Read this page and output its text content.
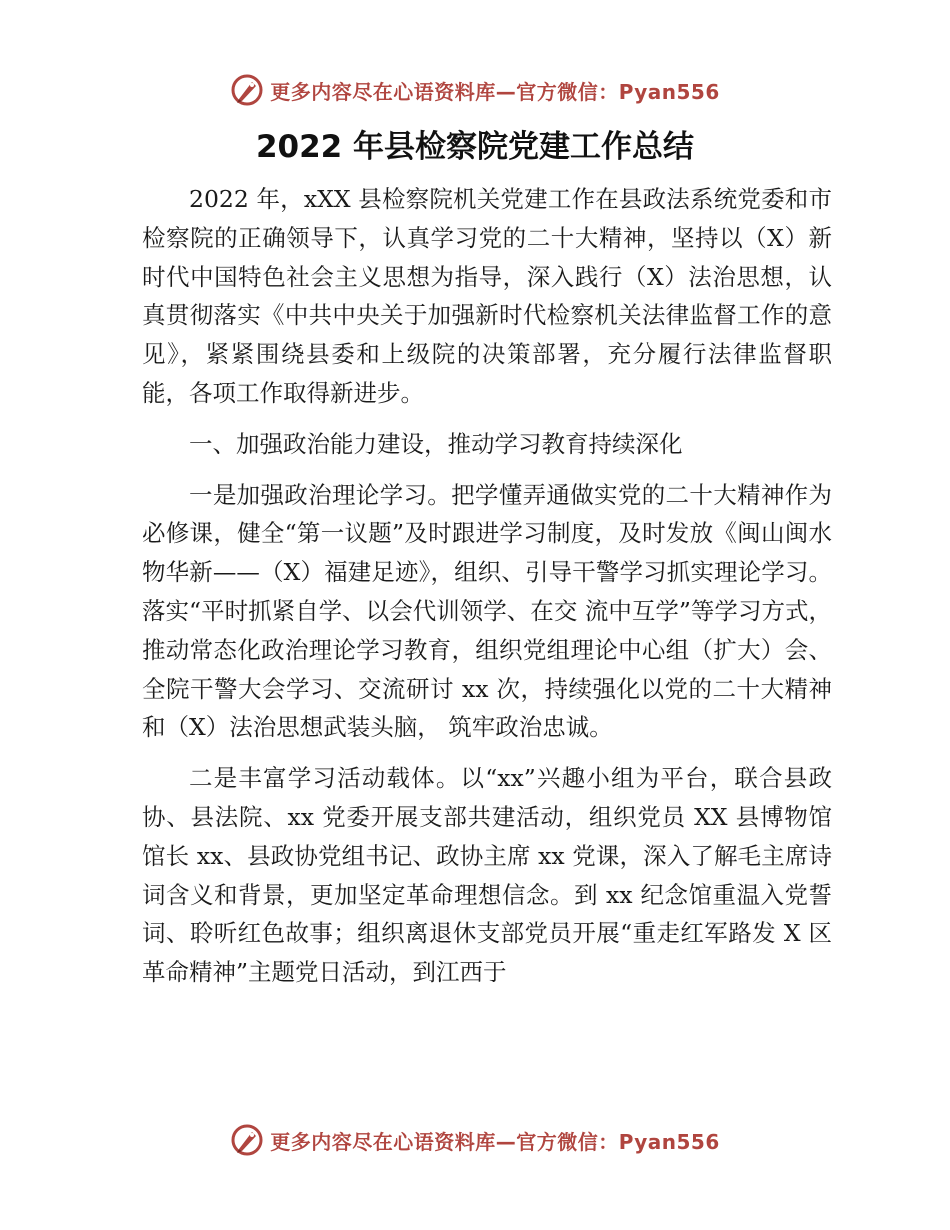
更多内容尽在心语资料库—官方微信：Pyan556
2022 年县检察院党建工作总结

2022 年，xXX 县检察院机关党建工作在县政法系统党委和市检察院的正确领导下，认真学习党的二十大精神，坚持以（X）新时代中国特色社会主义思想为指导，深入践行（X）法治思想，认真贯彻落实《中共中央关于加强新时代检察机关法律监督工作的意见》，紧紧围绕县委和上级院的决策部署，充分履行法律监督职能，各项工作取得新进步。

一、加强政治能力建设，推动学习教育持续深化

一是加强政治理论学习。把学懂弄通做实党的二十大精神作为必修课，健全“第一议题”及时跟进学习制度，及时发放《闽山闽水物华新——（X）福建足迹》，组织、引导干警学习抓实理论学习。落实“平时抓紧自学、以会代训领学、在交 流中互学”等学习方式，推动常态化政治理论学习教育，组织党组理论中心组（扩大）会、全院干警大会学习、交流研讨 xx 次，持续强化以党的二十大精神和（X）法治思想武装头脑， 筑牢政治忠诚。

二是丰富学习活动载体。以“xx”兴趣小组为平台，联合县政协、县法院、xx 党委开展支部共建活动，组织党员 XX 县博物馆馆长 xx、县政协党组书记、政协主席 xx 党课，深入了解毛主席诗词含义和背景，更加坚定革命理想信念。到 xx 纪念馆重温入党誓词、聆听红色故事；组织离退休支部党员开展“重走红军路发 X 区革命精神”主题党日活动，到江西于

更多内容尽在心语资料库—官方微信：Pyan556
